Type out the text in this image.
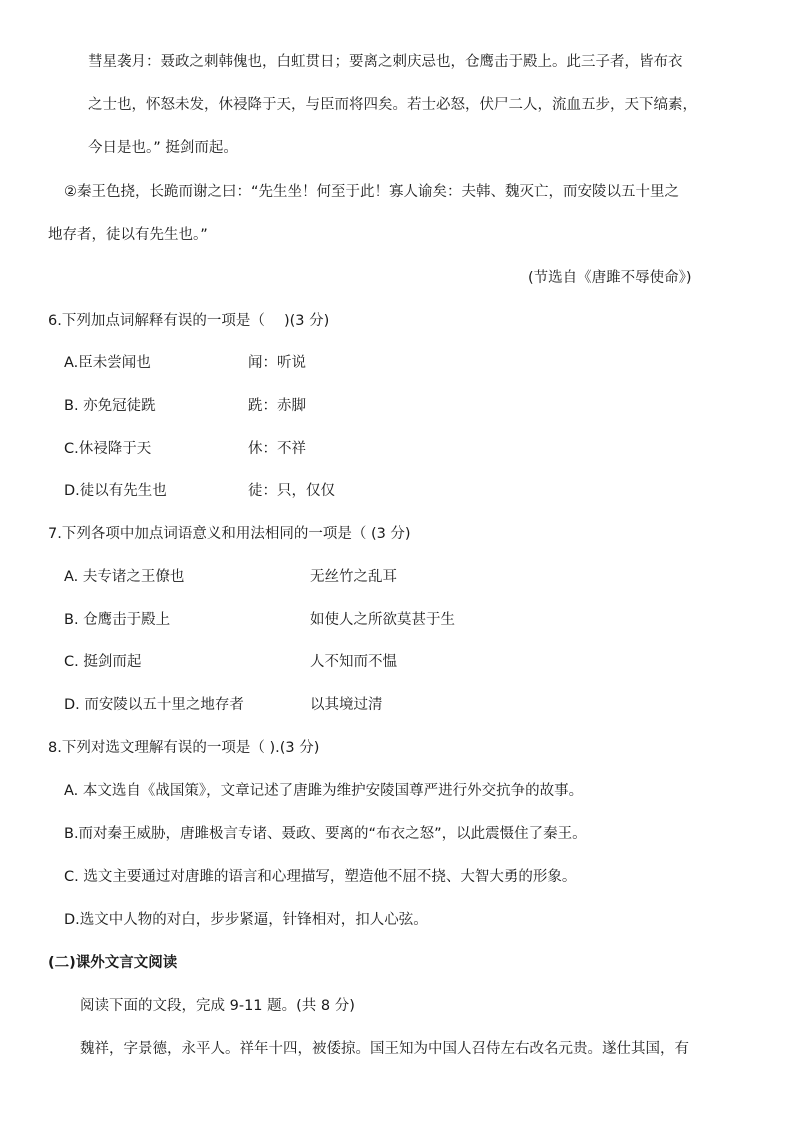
彗星袭月：聂政之刺韩傀也，白虹贯日；要离之刺庆忌也，仓鹰击于殿上。此三子者，皆布衣
之士也，怀怒未发，休祲降于天，与臣而将四矣。若士必怒，伏尸二人，流血五步，天下缟素，
今日是也。” 挺剑而起。
②秦王色挠，长跪而谢之曰：“先生坐！何至于此！寡人谕矣：夫韩、魏灭亡，而安陵以五十里之
地存者，徒以有先生也。”
(节选自《唐雎不辱使命》)
6.下列加点词解释有误的一项是（　 )(3 分)
A.臣未尝闻也	闻：听说
B. 亦免冠徒跣	跣：赤脚
C.休祲降于天	休：不祥
D.徒以有先生也	徒：只，仅仅
7.下列各项中加点词语意义和用法相同的一项是（ (3 分)
A. 夫专诸之王僚也	无丝竹之乱耳
B. 仓鹰击于殿上	如使人之所欲莫甚于生
C. 挺剑而起	人不知而不愠
D. 而安陵以五十里之地存者	以其境过清
8.下列对选文理解有误的一项是（ ).(3 分)
A. 本文选自《战国策》，文章记述了唐雎为维护安陵国尊严进行外交抗争的故事。
B.而对秦王威胁，唐雎极言专诸、聂政、要离的“布衣之怒”，以此震慑住了秦王。
C. 选文主要通过对唐雎的语言和心理描写，塑造他不屈不挠、大智大勇的形象。
D.选文中人物的对白，步步紧逼，针锋相对，扣人心弦。
(二)课外文言文阅读
阅读下面的文段，完成 9-11 题。(共 8 分)
魏祥，字景德，永平人。祥年十四，被倭掠。国王知为中国人召侍左右改名元贵。遂仕其国，有
